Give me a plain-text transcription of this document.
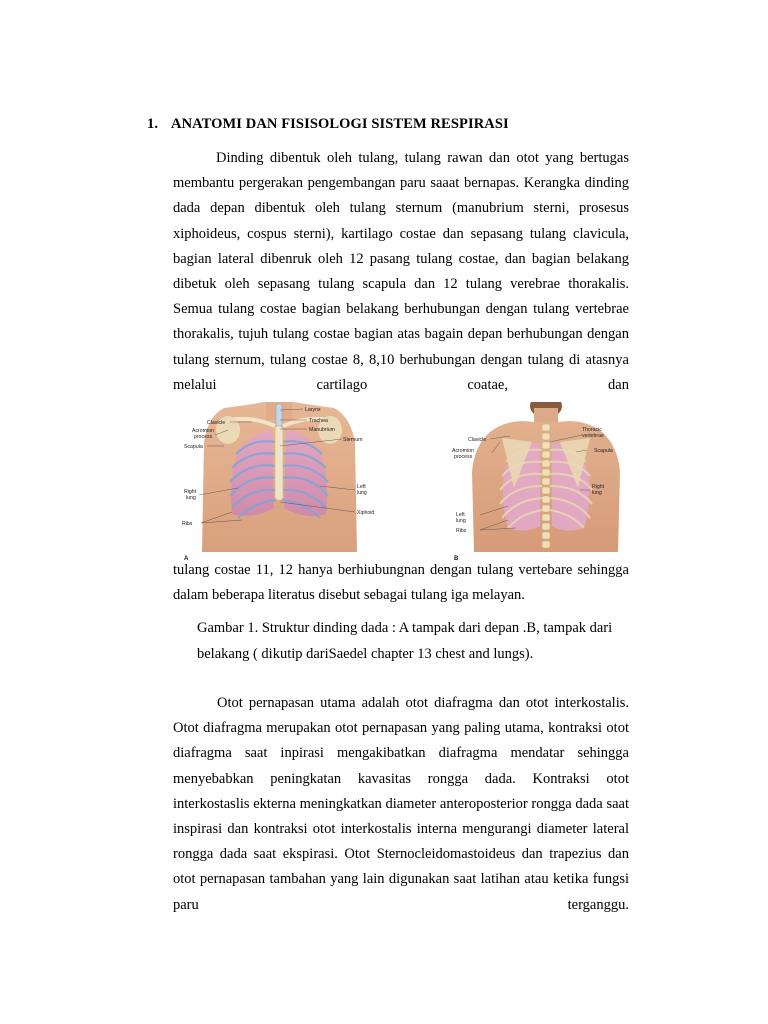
1. ANATOMI DAN FISISOLOGI SISTEM RESPIRASI
Dinding dibentuk oleh tulang, tulang rawan dan otot yang bertugas membantu pergerakan pengembangan paru saaat bernapas. Kerangka dinding dada depan dibentuk oleh tulang sternum (manubrium sterni, prosesus xiphoideus, cospus sterni), kartilago costae dan sepasang tulang clavicula, bagian lateral dibenruk oleh 12 pasang tulang costae, dan bagian belakang dibetuk oleh sepasang tulang scapula dan 12 tulang verebrae thorakalis. Semua tulang costae bagian belakang berhubungan dengan tulang vertebrae thorakalis, tujuh tulang costae bagian atas bagain depan berhubungan dengan tulang sternum, tulang costae 8, 8,10 berhubungan dengan tulang di atasnya melalui cartilago coatae, dan
Larynx
Trachea
Clavicle
Manubrium
Acromion
process	Sternum
Scapula
Right
lung
Left
lung
Xiphoid
Ribs
A
Thoracic
vertebrae
Clavicle
Scapula
Acromion
process
Right
lung
Left
lung
Ribs
B
tulang costae 11, 12 hanya berhiubungnan dengan tulang vertebare sehingga dalam beberapa literatus disebut sebagai tulang iga melayan.
Gambar 1. Struktur dinding dada : A tampak dari depan .B, tampak dari belakang ( dikutip dariSaedel chapter 13 chest and lungs).
Otot pernapasan utama adalah otot diafragma dan otot interkostalis. Otot diafragma merupakan otot pernapasan yang paling utama, kontraksi otot diafragma saat inpirasi mengakibatkan diafragma mendatar sehingga menyebabkan peningkatan kavasitas rongga dada. Kontraksi otot interkostaslis ekterna meningkatkan diameter anteroposterior rongga dada saat inspirasi dan kontraksi otot interkostalis interna mengurangi diameter lateral rongga dada saat ekspirasi. Otot Sternocleidomastoideus dan trapezius dan otot pernapasan tambahan yang lain digunakan saat latihan atau ketika fungsi paru terganggu.
